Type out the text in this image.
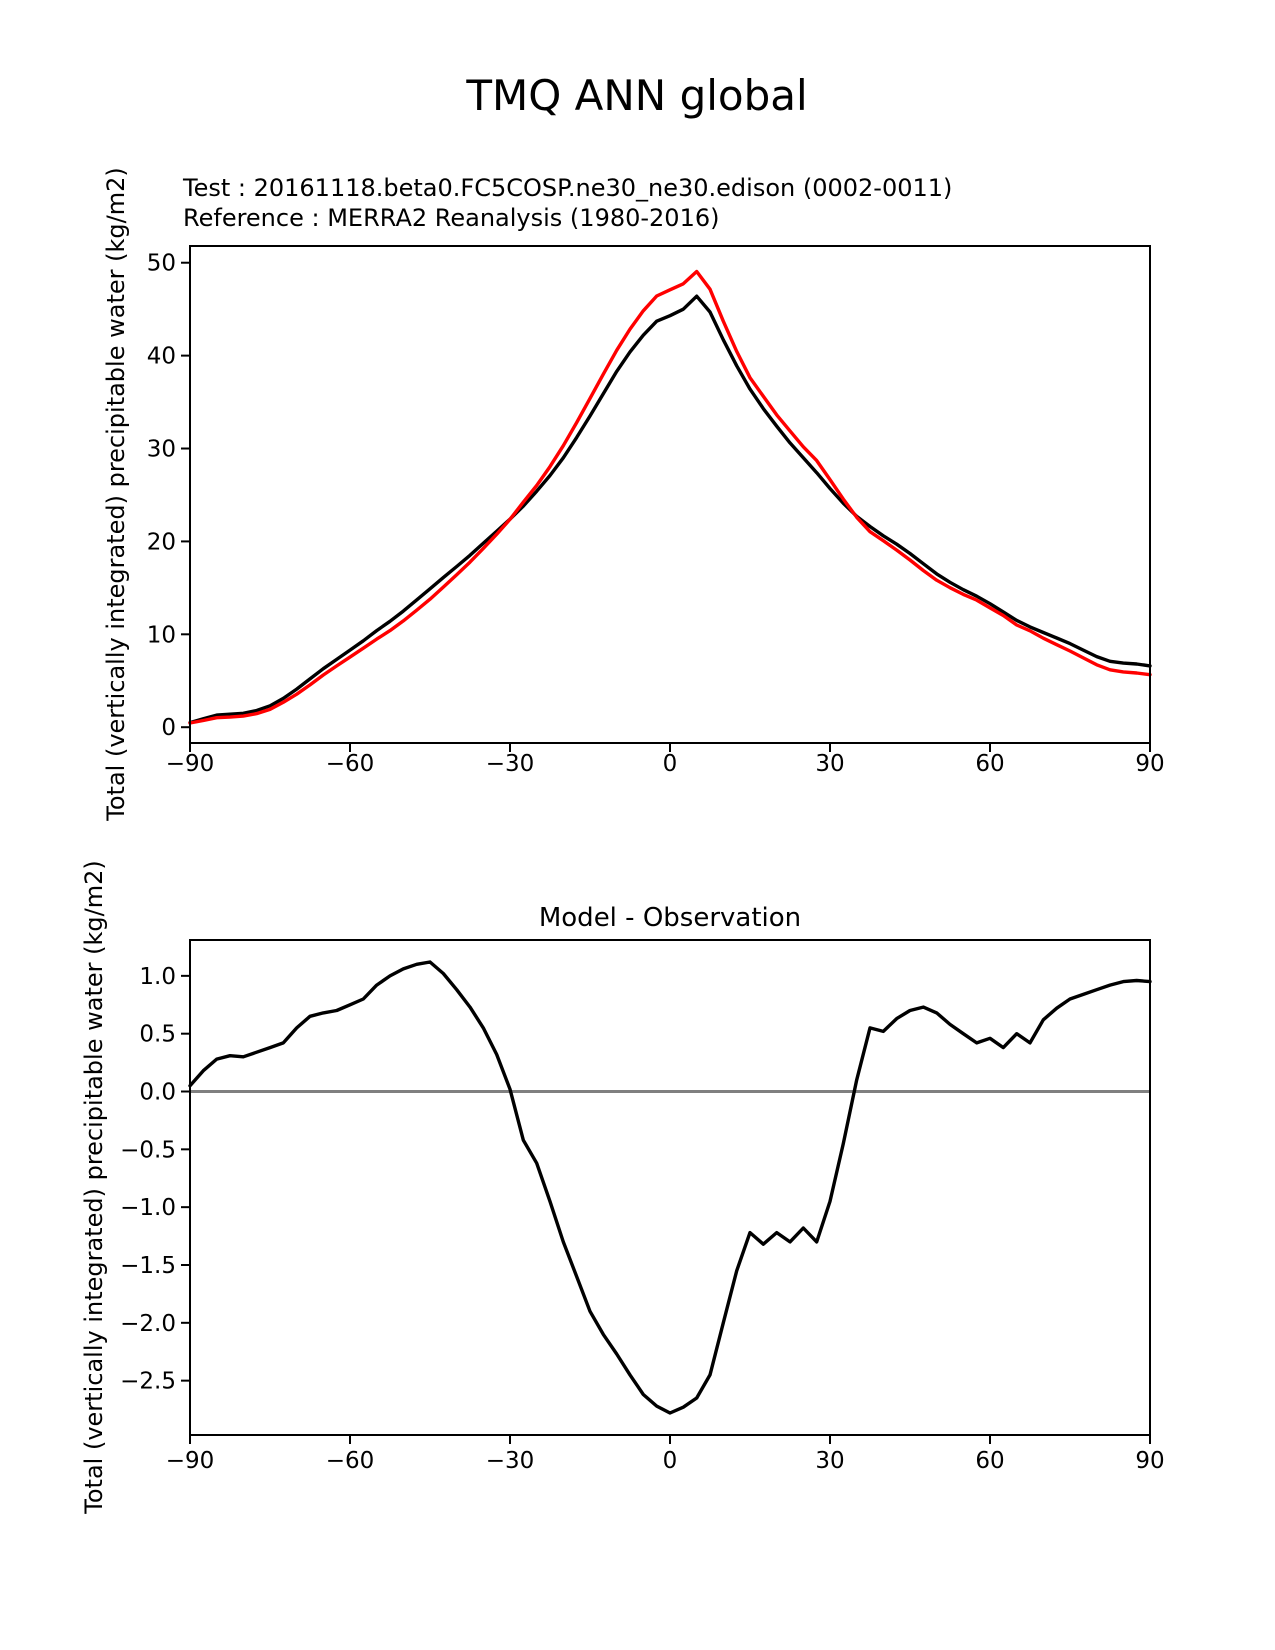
TMQ ANN global
Test : 20161118.beta0.FC5COSP.ne30_ne30.edison (0002-0011)
Reference : MERRA2 Reanalysis (1980-2016)
Total (vertically integrated) precipitable water (kg/m2) −90	−60	−30	0	30	60	90
0
10
20
30
40
50
Model - Observation
Total (vertically integrated) precipitable water (kg/m2)	−90	−60	−30	0	30	60	90
1.0
0.5
0.0
−0.5
−1.0
−1.5
−2.0
−2.5
